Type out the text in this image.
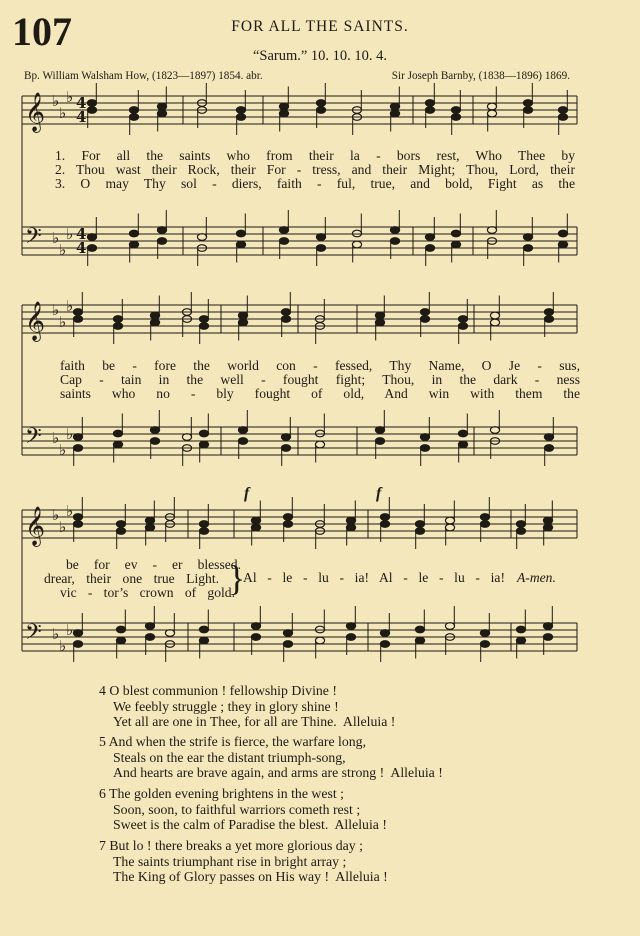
107	FOR ALL THE SAINTS.
“Sarum.” 10. 10. 10. 4.
Bp. William Walsham How, (1823—1897) 1854. abr.	Sir Joseph Barnby, (1838—1896) 1869.
𝄞
𝄢
♭
♭
♭
♭
♭
♭
4
4
4
4
𝄞
𝄢
♭
♭
♭
♭
♭
♭
𝄞
𝄢
♭
♭
♭
♭
♭
♭
1. For all the saints who from their la - bors rest, Who Thee by
2. Thou wast their Rock, their For - tress, and their Might; Thou, Lord, their
3. O may Thy sol - diers, faith - ful, true, and bold, Fight as the
faith be - fore the world con - fessed, Thy Name, O Je - sus,
Cap - tain in the well - fought fight; Thou, in the dark - ness
saints who no - bly fought of old, And win with them the
be for ev - er blessed.
drear, their one true Light.
vic - tor’s crown of gold.
}
Al - le - lu - ia! Al - le - lu - ia! A-men.
f	f
4 O blest communion ! fellowship Divine !
We feebly struggle ; they in glory shine !
Yet all are one in Thee, for all are Thine.  Alleluia !
5 And when the strife is fierce, the warfare long,
Steals on the ear the distant triumph-song,
And hearts are brave again, and arms are strong !  Alleluia !
6 The golden evening brightens in the west ;
Soon, soon, to faithful warriors cometh rest ;
Sweet is the calm of Paradise the blest.  Alleluia !
7 But lo ! there breaks a yet more glorious day ;
The saints triumphant rise in bright array ;
The King of Glory passes on His way !  Alleluia !
